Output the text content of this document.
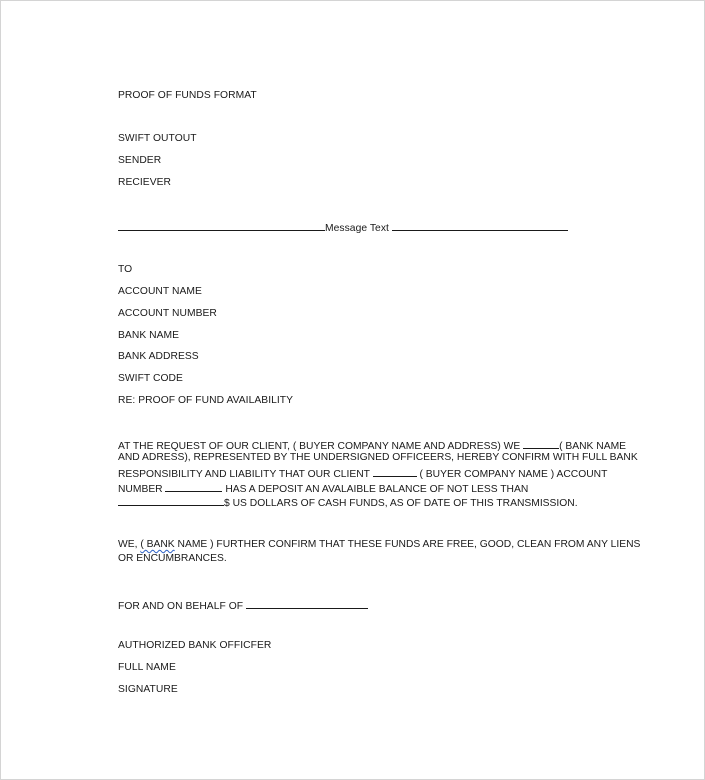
PROOF OF FUNDS FORMAT
SWIFT OUTOUT
SENDER
RECIEVER
Message Text
TO
ACCOUNT NAME
ACCOUNT NUMBER
BANK NAME
BANK ADDRESS
SWIFT CODE
RE: PROOF OF FUND AVAILABILITY
AT THE REQUEST OF OUR CLIENT, ( BUYER COMPANY NAME AND ADDRESS) WE	( BANK NAME
AND ADRESS), REPRESENTED BY THE UNDERSIGNED OFFICEERS, HEREBY CONFIRM WITH FULL BANK
RESPONSIBILITY AND LIABILITY THAT OUR CLIENT	( BUYER COMPANY NAME ) ACCOUNT
NUMBER	HAS A DEPOSIT AN AVALAIBLE BALANCE OF NOT LESS THAN
$ US DOLLARS OF CASH FUNDS, AS OF DATE OF THIS TRANSMISSION.
WE, ( BANK NAME ) FURTHER CONFIRM THAT THESE FUNDS ARE FREE, GOOD, CLEAN FROM ANY LIENS
OR ENCUMBRANCES.
FOR AND ON BEHALF OF
AUTHORIZED BANK OFFICFER
FULL NAME
SIGNATURE
